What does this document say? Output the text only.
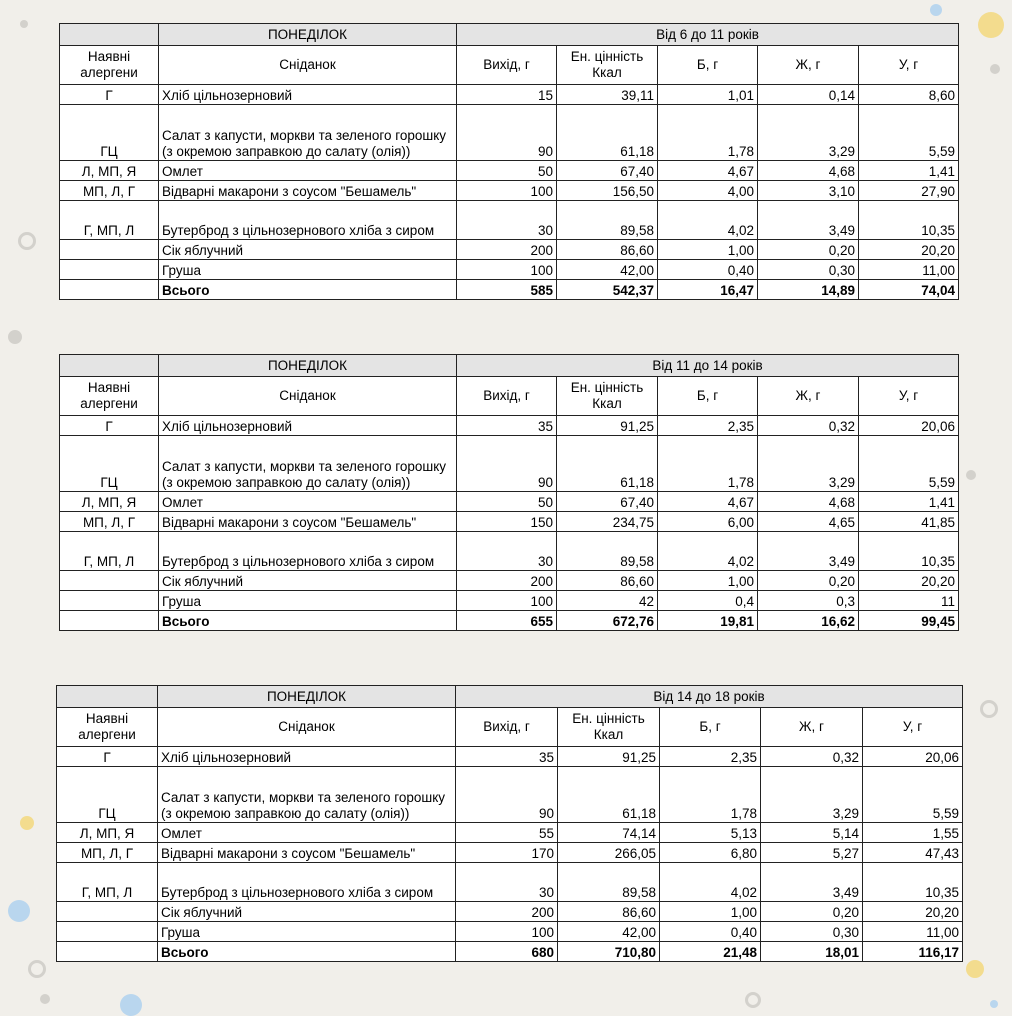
	ПОНЕДІЛОК	Від 6 до 11 років				
Наявні алергени	Сніданок	Вихід, г	Ен. цінність Ккал	Б, г	Ж, г	У, г
Г	Хліб цільнозерновий	15	39,11	1,01	0,14	8,60
ГЦ	Салат з капусти, моркви та зеленого горошку (з окремою заправкою до салату (олія))	90	61,18	1,78	3,29	5,59
Л, МП, Я	Омлет	50	67,40	4,67	4,68	1,41
МП, Л, Г	Відварні макарони з соусом "Бешамель"	100	156,50	4,00	3,10	27,90
Г, МП, Л	Бутерброд з цільнозернового хліба з сиром	30	89,58	4,02	3,49	10,35
	Сік яблучний	200	86,60	1,00	0,20	20,20
	Груша	100	42,00	0,40	0,30	11,00
	Всього	585	542,37	16,47	14,89	74,04
	ПОНЕДІЛОК	Від 11 до 14 років				
Наявні алергени	Сніданок	Вихід, г	Ен. цінність Ккал	Б, г	Ж, г	У, г
Г	Хліб цільнозерновий	35	91,25	2,35	0,32	20,06
ГЦ	Салат з капусти, моркви та зеленого горошку (з окремою заправкою до салату (олія))	90	61,18	1,78	3,29	5,59
Л, МП, Я	Омлет	50	67,40	4,67	4,68	1,41
МП, Л, Г	Відварні макарони з соусом "Бешамель"	150	234,75	6,00	4,65	41,85
Г, МП, Л	Бутерброд з цільнозернового хліба з сиром	30	89,58	4,02	3,49	10,35
	Сік яблучний	200	86,60	1,00	0,20	20,20
	Груша	100	42	0,4	0,3	11
	Всього	655	672,76	19,81	16,62	99,45
	ПОНЕДІЛОК	Від 14 до 18 років				
Наявні алергени	Сніданок	Вихід, г	Ен. цінність Ккал	Б, г	Ж, г	У, г
Г	Хліб цільнозерновий	35	91,25	2,35	0,32	20,06
ГЦ	Салат з капусти, моркви та зеленого горошку (з окремою заправкою до салату (олія))	90	61,18	1,78	3,29	5,59
Л, МП, Я	Омлет	55	74,14	5,13	5,14	1,55
МП, Л, Г	Відварні макарони з соусом "Бешамель"	170	266,05	6,80	5,27	47,43
Г, МП, Л	Бутерброд з цільнозернового хліба з сиром	30	89,58	4,02	3,49	10,35
	Сік яблучний	200	86,60	1,00	0,20	20,20
	Груша	100	42,00	0,40	0,30	11,00
	Всього	680	710,80	21,48	18,01	116,17
